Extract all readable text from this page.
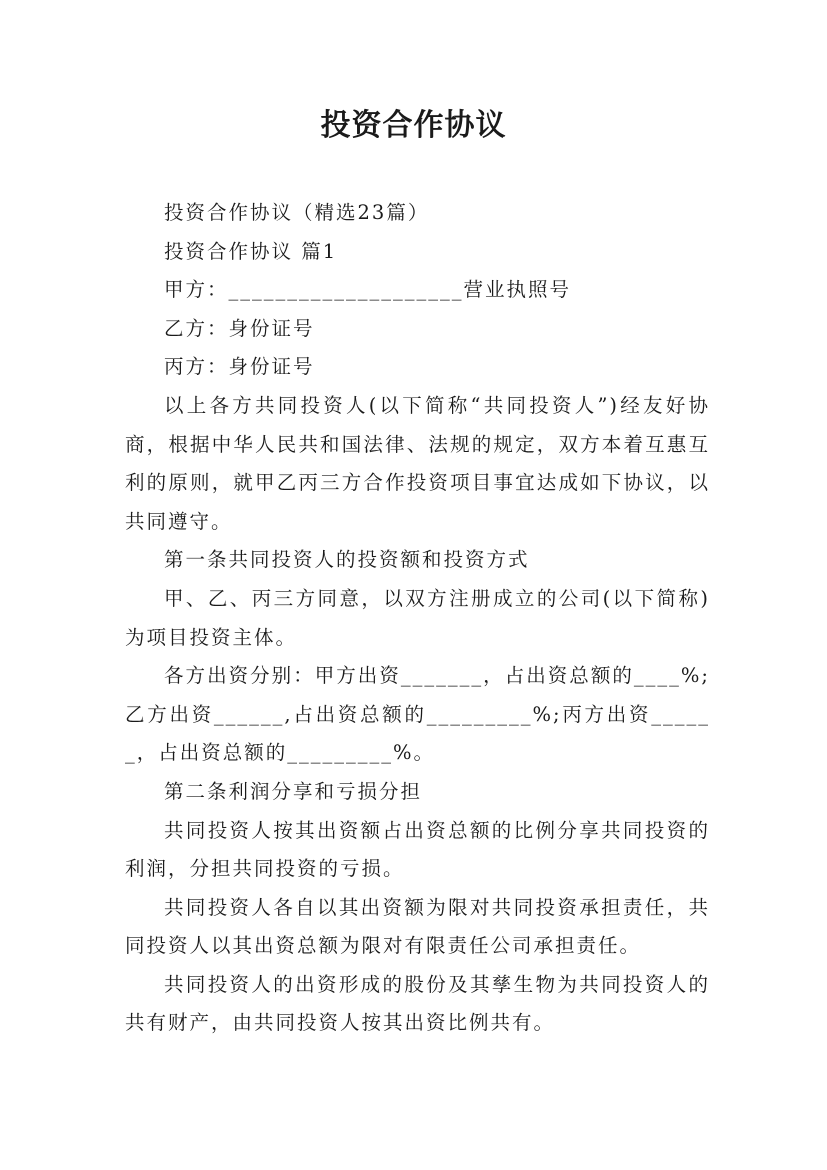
投资合作协议

投资合作协议（精选23篇）

投资合作协议 篇1

甲方：____________________营业执照号

乙方：身份证号

丙方：身份证号

以上各方共同投资人(以下简称“共同投资人”)经友好协商，根据中华人民共和国法律、法规的规定，双方本着互惠互利的原则，就甲乙丙三方合作投资项目事宜达成如下协议，以共同遵守。

第一条共同投资人的投资额和投资方式

甲、乙、丙三方同意，以双方注册成立的公司(以下简称)为项目投资主体。

各方出资分别：甲方出资_______，占出资总额的____%;乙方出资______,占出资总额的_________%;丙方出资______，占出资总额的_________%。

第二条利润分享和亏损分担

共同投资人按其出资额占出资总额的比例分享共同投资的利润，分担共同投资的亏损。

共同投资人各自以其出资额为限对共同投资承担责任，共同投资人以其出资总额为限对有限责任公司承担责任。

共同投资人的出资形成的股份及其孳生物为共同投资人的共有财产，由共同投资人按其出资比例共有。
